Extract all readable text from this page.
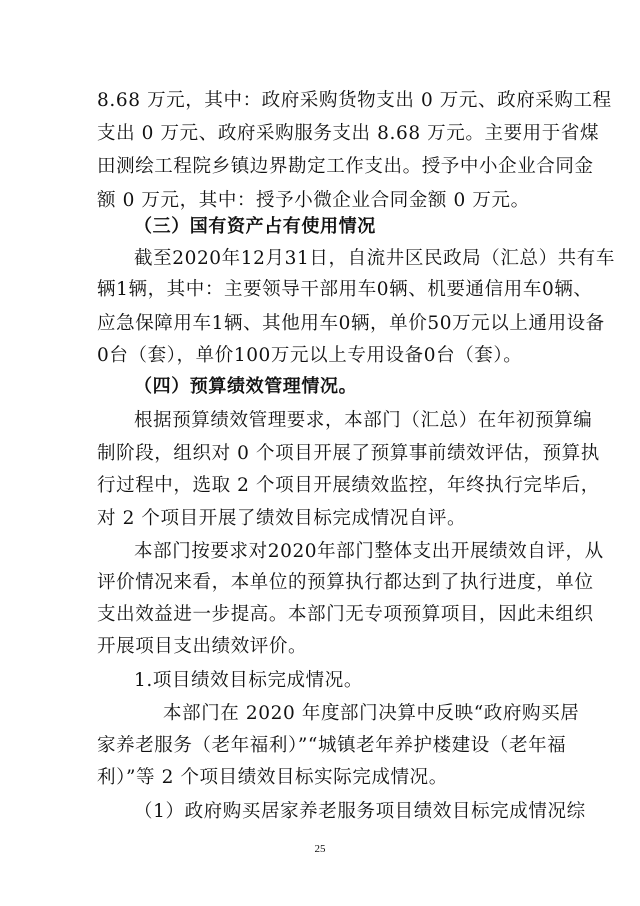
8.68 万元，其中：政府采购货物支出 0 万元、政府采购工程
支出 0 万元、政府采购服务支出 8.68 万元。主要用于省煤
田测绘工程院乡镇边界勘定工作支出。授予中小企业合同金
额 0 万元，其中：授予小微企业合同金额 0 万元。
（三）国有资产占有使用情况
截至2020年12月31日，自流井区民政局（汇总）共有车
辆1辆，其中：主要领导干部用车0辆、机要通信用车0辆、
应急保障用车1辆、其他用车0辆，单价50万元以上通用设备
0台（套），单价100万元以上专用设备0台（套）。
（四）预算绩效管理情况。
根据预算绩效管理要求，本部门（汇总）在年初预算编
制阶段，组织对 0 个项目开展了预算事前绩效评估，预算执
行过程中，选取 2 个项目开展绩效监控，年终执行完毕后，
对 2 个项目开展了绩效目标完成情况自评。
本部门按要求对2020年部门整体支出开展绩效自评，从
评价情况来看，本单位的预算执行都达到了执行进度，单位
支出效益进一步提高。本部门无专项预算项目，因此未组织
开展项目支出绩效评价。
1.项目绩效目标完成情况。
本部门在 2020 年度部门决算中反映“政府购买居
家养老服务（老年福利）”“城镇老年养护楼建设（老年福
利）”等 2 个项目绩效目标实际完成情况。
（1）政府购买居家养老服务项目绩效目标完成情况综
25
